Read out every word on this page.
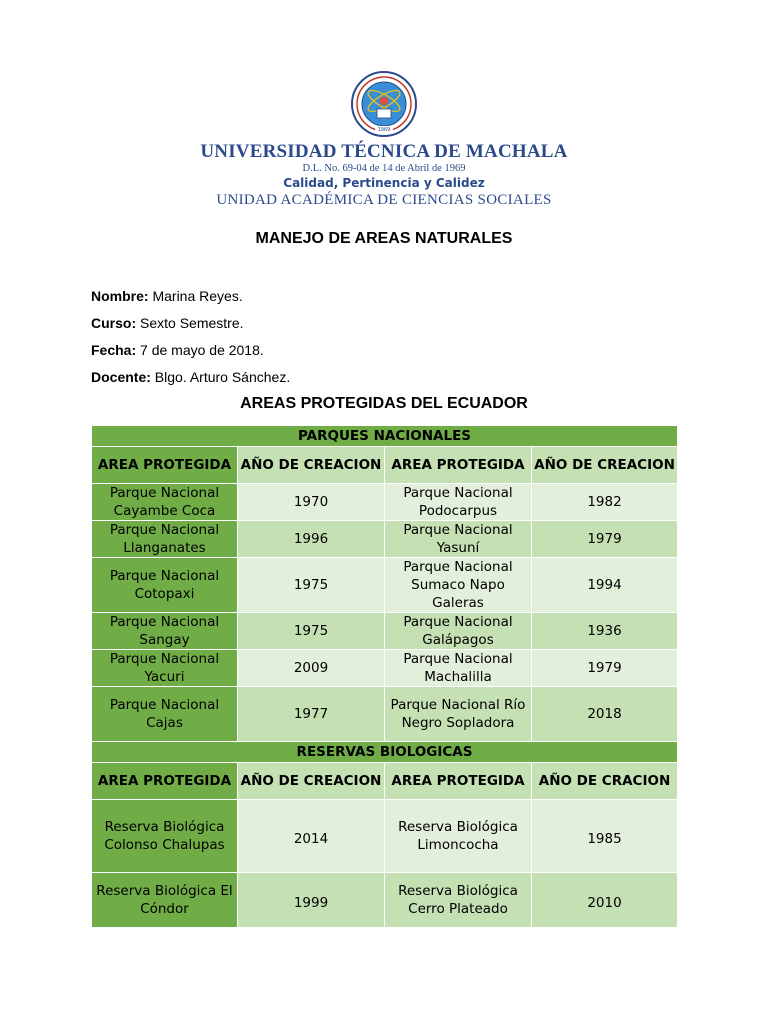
1969
UNIVERSIDAD TÉCNICA DE MACHALA
D.L. No. 69-04 de 14 de Abril de 1969
Calidad, Pertinencia y Calidez
UNIDAD ACADÉMICA DE CIENCIAS SOCIALES
MANEJO DE AREAS NATURALES
Nombre: Marina Reyes.
Curso: Sexto Semestre.
Fecha: 7 de mayo de 2018.
Docente: Blgo. Arturo Sánchez.
AREAS PROTEGIDAS DEL ECUADOR
PARQUES NACIONALES			
AREA PROTEGIDA	AÑO DE CREACION	AREA PROTEGIDA	AÑO DE CREACION
Parque Nacional Cayambe Coca	1970	Parque Nacional Podocarpus	1982
Parque Nacional Llanganates	1996	Parque Nacional Yasuní	1979
Parque Nacional Cotopaxi	1975	Parque Nacional Sumaco Napo Galeras	1994
Parque Nacional Sangay	1975	Parque Nacional Galápagos	1936
Parque Nacional Yacuri	2009	Parque Nacional Machalilla	1979
Parque Nacional Cajas	1977	Parque Nacional Río Negro Sopladora	2018
RESERVAS BIOLOGICAS			
AREA PROTEGIDA	AÑO DE CREACION	AREA PROTEGIDA	AÑO DE CRACION
Reserva Biológica Colonso Chalupas	2014	Reserva Biológica Limoncocha	1985
Reserva Biológica El Cóndor	1999	Reserva Biológica Cerro Plateado	2010
